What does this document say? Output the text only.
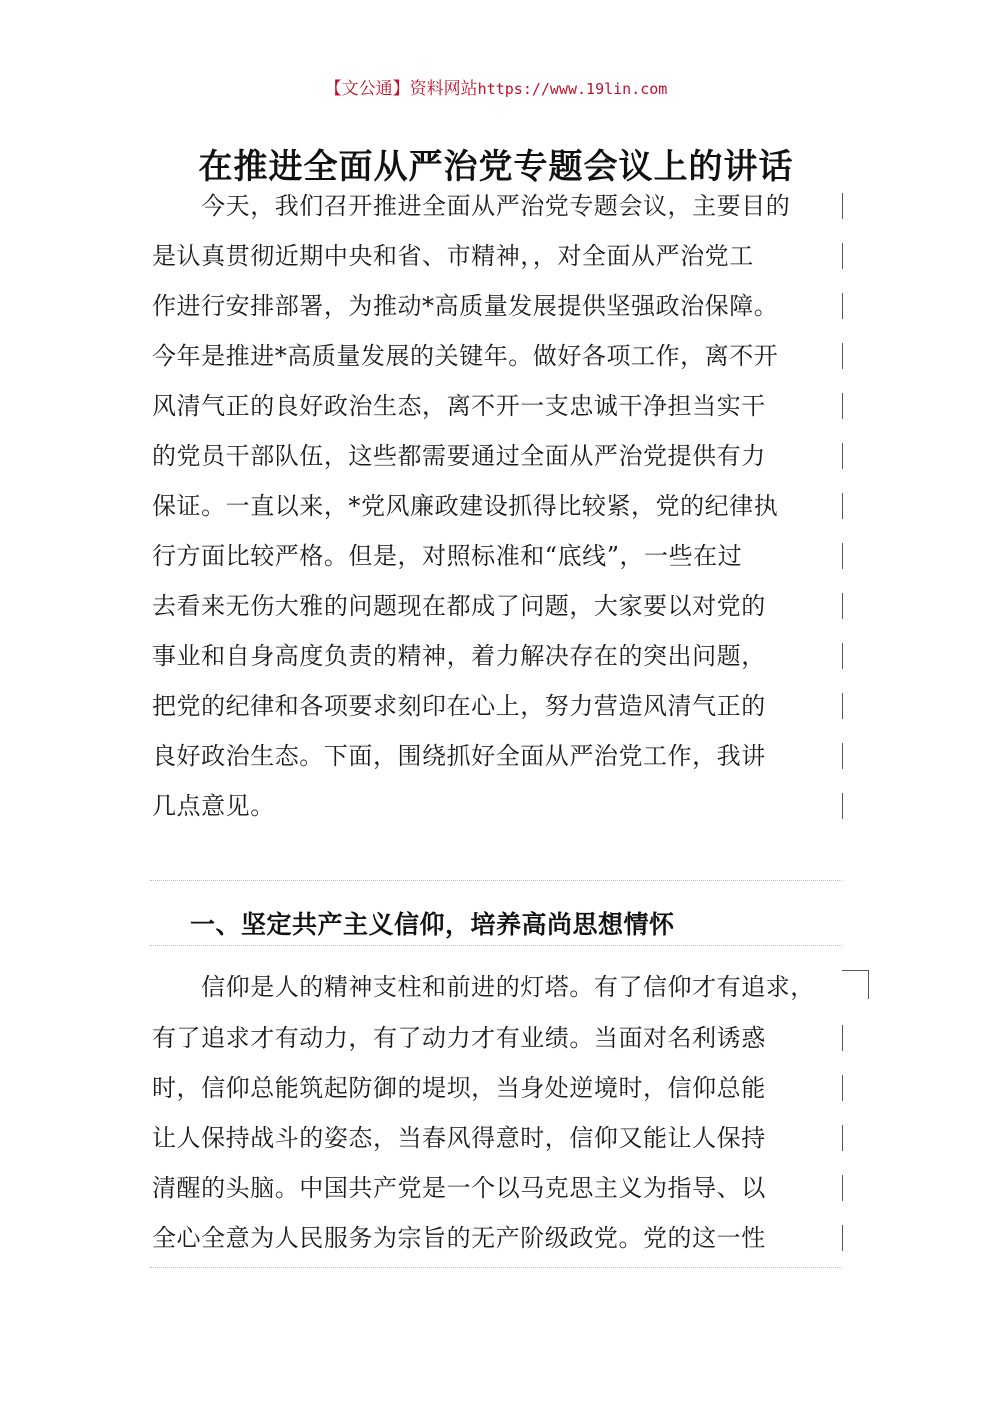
【文公通】资料网站https://www.19lin.com
在推进全面从严治党专题会议上的讲话
　　今天，我们召开推进全面从严治党专题会议，主要目的
是认真贯彻近期中央和省、市精神，，对全面从严治党工
作进行安排部署，为推动*高质量发展提供坚强政治保障。
今年是推进*高质量发展的关键年。做好各项工作，离不开
风清气正的良好政治生态，离不开一支忠诚干净担当实干
的党员干部队伍，这些都需要通过全面从严治党提供有力
保证。一直以来，*党风廉政建设抓得比较紧，党的纪律执
行方面比较严格。但是，对照标准和“底线”，一些在过
去看来无伤大雅的问题现在都成了问题，大家要以对党的
事业和自身高度负责的精神，着力解决存在的突出问题，
把党的纪律和各项要求刻印在心上，努力营造风清气正的
良好政治生态。下面，围绕抓好全面从严治党工作，我讲
几点意见。
一、坚定共产主义信仰，培养高尚思想情怀
　　信仰是人的精神支柱和前进的灯塔。有了信仰才有追求，
有了追求才有动力，有了动力才有业绩。当面对名利诱惑
时，信仰总能筑起防御的堤坝，当身处逆境时，信仰总能
让人保持战斗的姿态，当春风得意时，信仰又能让人保持
清醒的头脑。中国共产党是一个以马克思主义为指导、以
全心全意为人民服务为宗旨的无产阶级政党。党的这一性
